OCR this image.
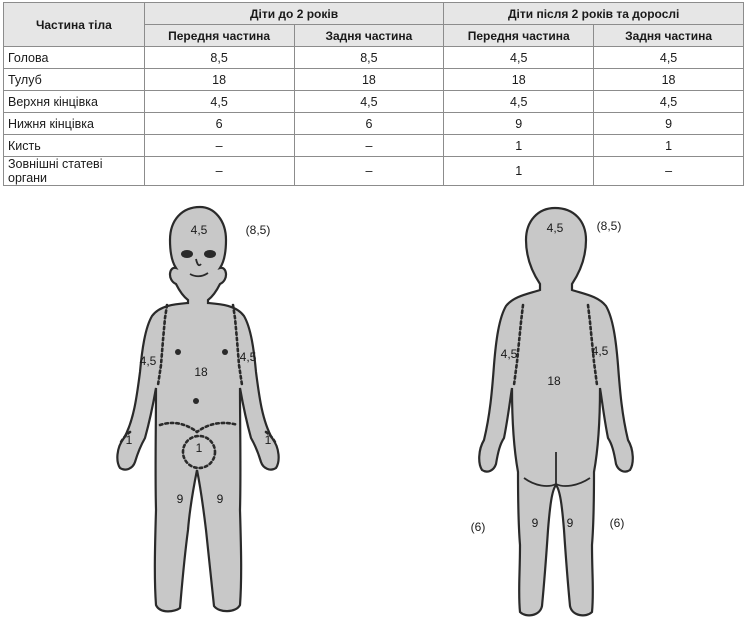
Частина тіла	Діти до 2 років		Діти після 2 років та дорослі	
	Передня частина	Задня частина	Передня частина	Задня частина
Голова	8,5	8,5	4,5	4,5
Тулуб	18	18	18	18
Верхня кінцівка	4,5	4,5	4,5	4,5
Нижня кінцівка	6	6	9	9
Кисть	–	–	1	1
Зовнішні статеві органи	–	–	1	–
4,5	(8,5)
4,5	4,5
18
1	1
1
9	9
4,5	(8,5)
4,5	4,5
18
9 9
(6)	(6)
